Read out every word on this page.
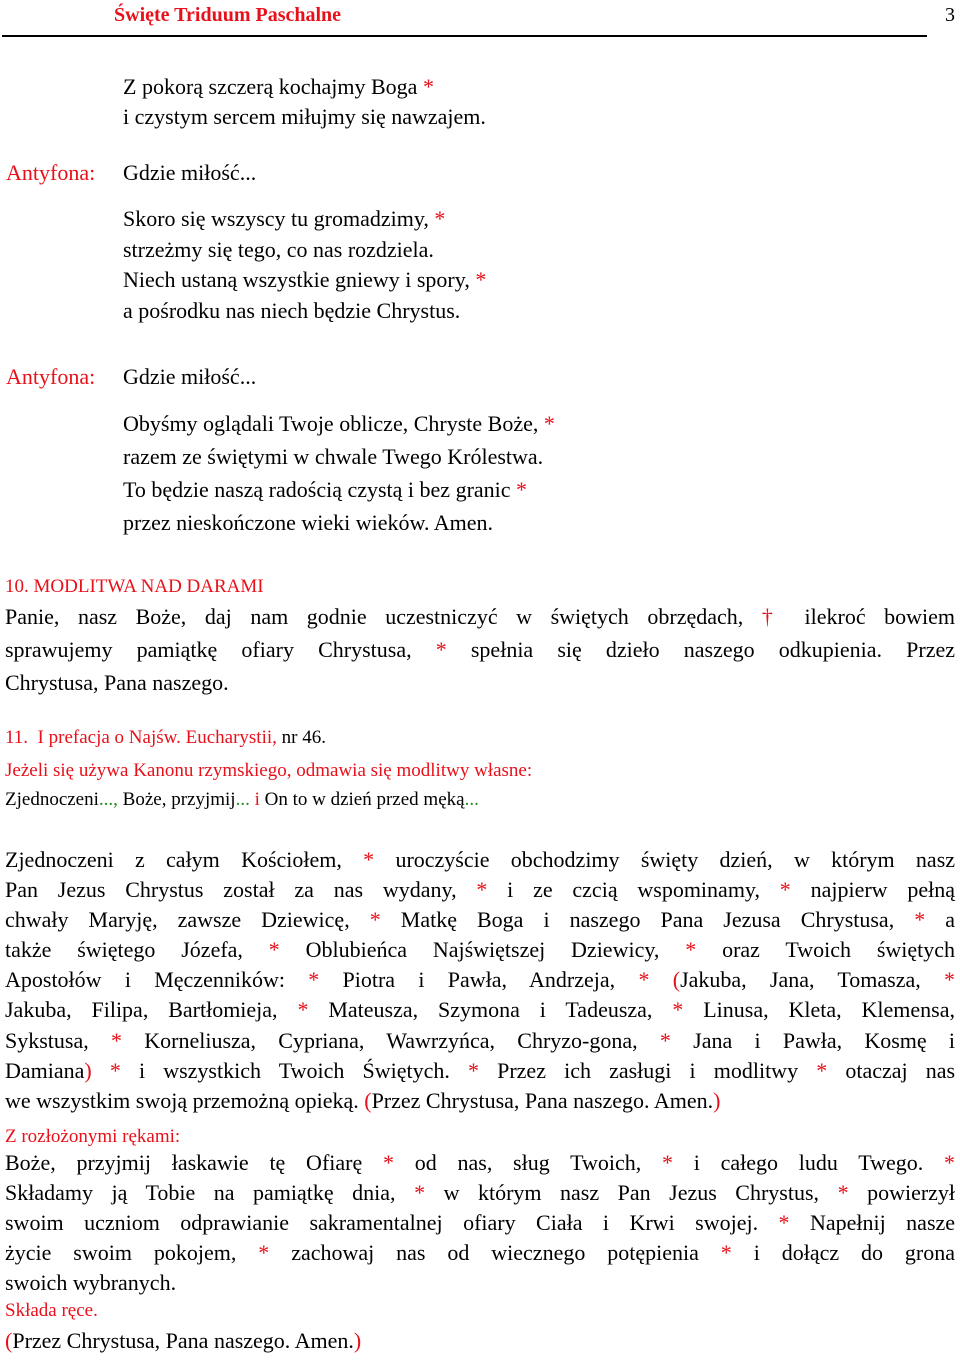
Święte Triduum Paschalne	3
Z pokorą szczerą kochajmy Boga *
i czystym sercem miłujmy się nawzajem.
Antyfona: Gdzie miłość...
Skoro się wszyscy tu gromadzimy, *
strzeżmy się tego, co nas rozdziela.
Niech ustaną wszystkie gniewy i spory, *
a pośrodku nas niech będzie Chrystus.
Antyfona: Gdzie miłość...
Obyśmy oglądali Twoje oblicze, Chryste Boże, *
razem ze świętymi w chwale Twego Królestwa.
To będzie naszą radością czystą i bez granic *
przez nieskończone wieki wieków. Amen.
10. MODLITWA NAD DARAMI
Panie, nasz Boże, daj nam godnie uczestniczyć w świętych obrzędach, † ilekroć bowiem
sprawujemy pamiątkę ofiary Chrystusa, * spełnia się dzieło naszego odkupienia. Przez
Chrystusa, Pana naszego.
11. I prefacja o Najśw. Eucharystii, nr 46.
Jeżeli się używa Kanonu rzymskiego, odmawia się modlitwy własne:
Zjednoczeni..., Boże, przyjmij... i On to w dzień przed męką...
Zjednoczeni z całym Kościołem, * uroczyście obchodzimy święty dzień, w którym nasz
Pan Jezus Chrystus został za nas wydany, * i ze czcią wspominamy, * najpierw pełną
chwały Maryję, zawsze Dziewicę, * Matkę Boga i naszego Pana Jezusa Chrystusa, * a
także świętego Józefa, * Oblubieńca Najświętszej Dziewicy, * oraz Twoich świętych
Apostołów i Męczenników: * Piotra i Pawła, Andrzeja, * (Jakuba, Jana, Tomasza, *
Jakuba, Filipa, Bartłomieja, * Mateusza, Szymona i Tadeusza, * Linusa, Kleta, Klemensa,
Sykstusa, * Korneliusza, Cypriana, Wawrzyńca, Chryzo-gona, * Jana i Pawła, Kosmę i
Damiana) * i wszystkich Twoich Świętych. * Przez ich zasługi i modlitwy * otaczaj nas
we wszystkim swoją przemożną opieką. (Przez Chrystusa, Pana naszego. Amen.)
Z rozłożonymi rękami:
Boże, przyjmij łaskawie tę Ofiarę * od nas, sług Twoich, * i całego ludu Twego. *
Składamy ją Tobie na pamiątkę dnia, * w którym nasz Pan Jezus Chrystus, * powierzył
swoim uczniom odprawianie sakramentalnej ofiary Ciała i Krwi swojej. * Napełnij nasze
życie swoim pokojem, * zachowaj nas od wiecznego potępienia * i dołącz do grona
swoich wybranych.
Składa ręce.
(Przez Chrystusa, Pana naszego. Amen.)
